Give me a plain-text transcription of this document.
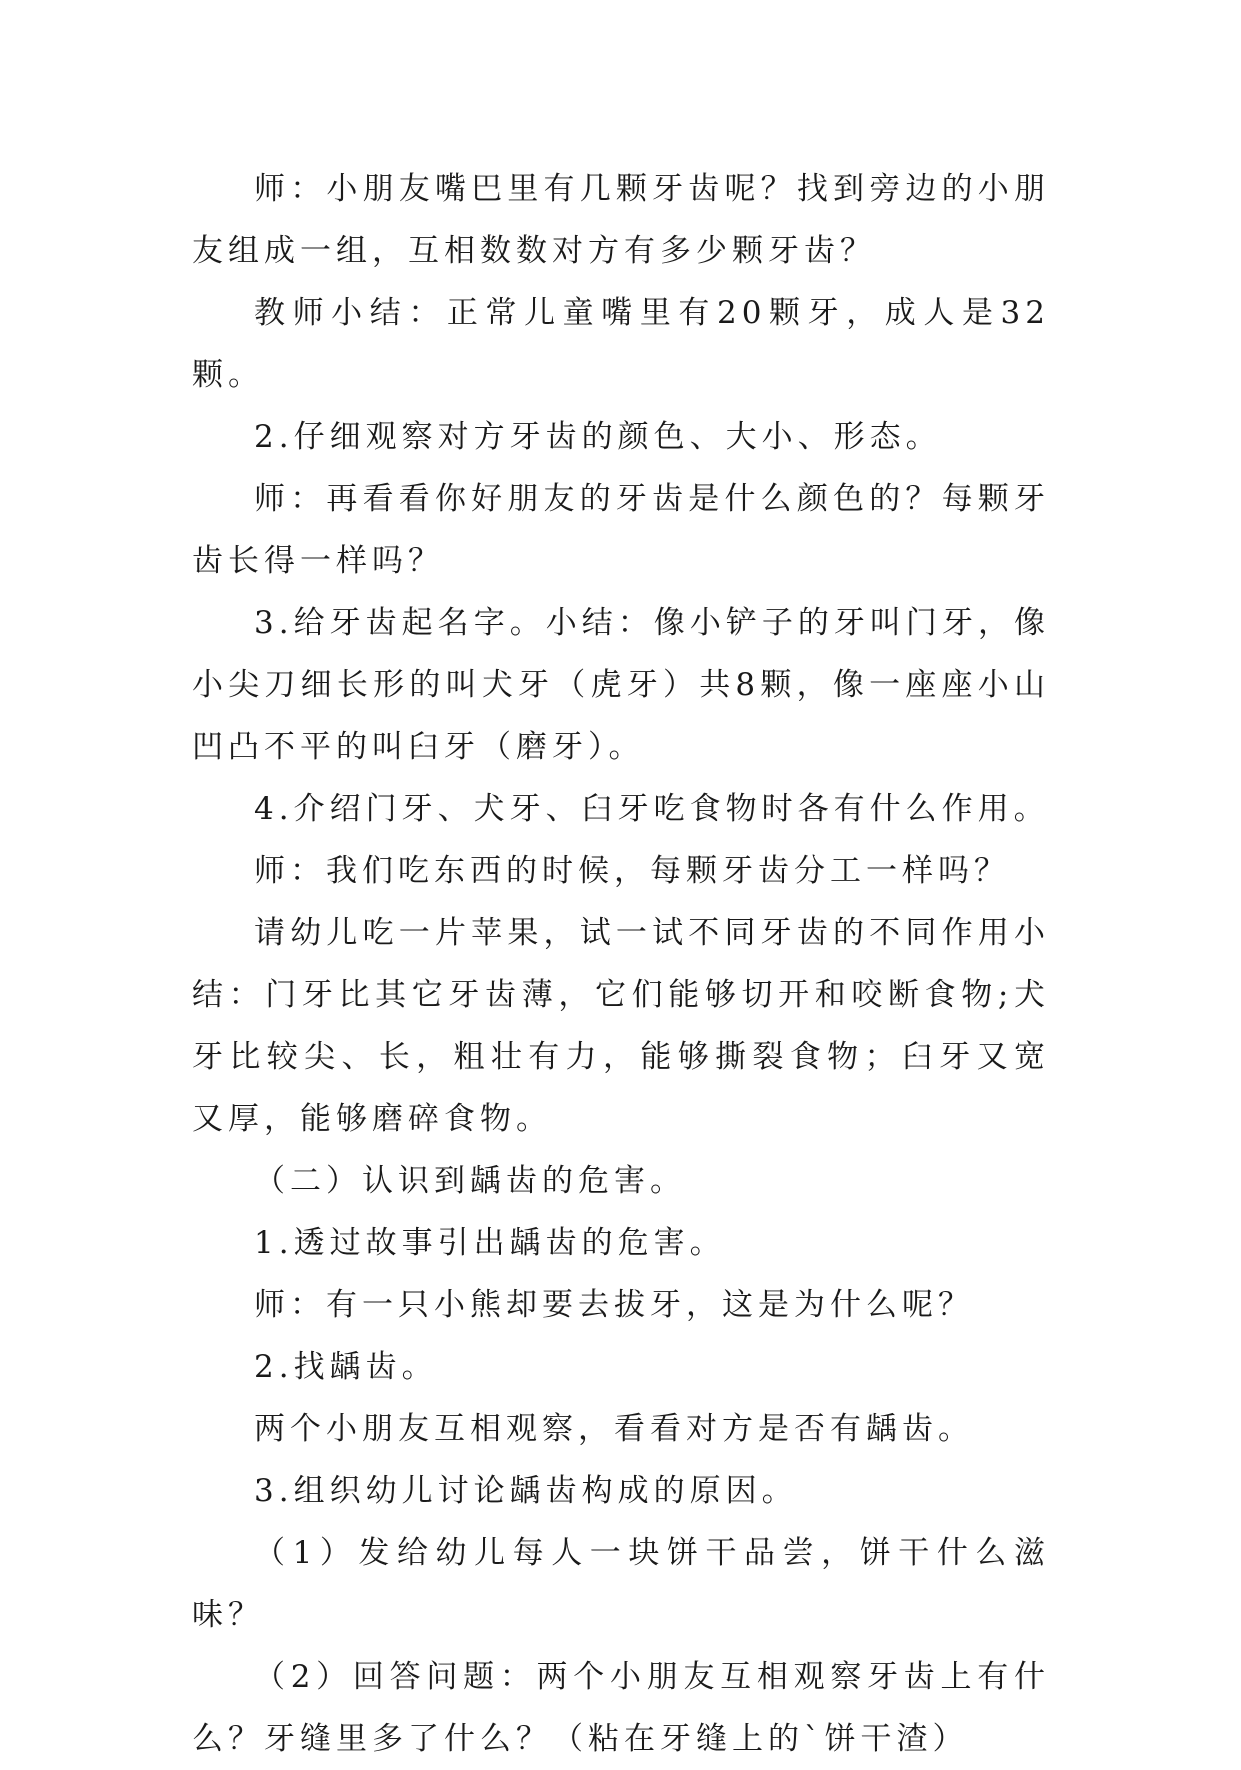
师：小朋友嘴巴里有几颗牙齿呢？找到旁边的小朋友组成一组，互相数数对方有多少颗牙齿？

教师小结：正常儿童嘴里有20颗牙，成人是32颗。

2.仔细观察对方牙齿的颜色、大小、形态。

师：再看看你好朋友的牙齿是什么颜色的？每颗牙齿长得一样吗？

3.给牙齿起名字。小结：像小铲子的牙叫门牙，像小尖刀细长形的叫犬牙（虎牙）共8颗，像一座座小山凹凸不平的叫臼牙（磨牙）。

4.介绍门牙、犬牙、臼牙吃食物时各有什么作用。

师：我们吃东西的时候，每颗牙齿分工一样吗？

请幼儿吃一片苹果，试一试不同牙齿的不同作用小结：门牙比其它牙齿薄，它们能够切开和咬断食物;犬牙比较尖、长，粗壮有力，能够撕裂食物；臼牙又宽又厚，能够磨碎食物。

（二）认识到龋齿的危害。

1.透过故事引出龋齿的危害。

师：有一只小熊却要去拔牙，这是为什么呢？

2.找龋齿。

两个小朋友互相观察，看看对方是否有龋齿。

3.组织幼儿讨论龋齿构成的原因。

（1）发给幼儿每人一块饼干品尝，饼干什么滋味？

（2）回答问题：两个小朋友互相观察牙齿上有什么？牙缝里多了什么？（粘在牙缝上的`饼干渣）
